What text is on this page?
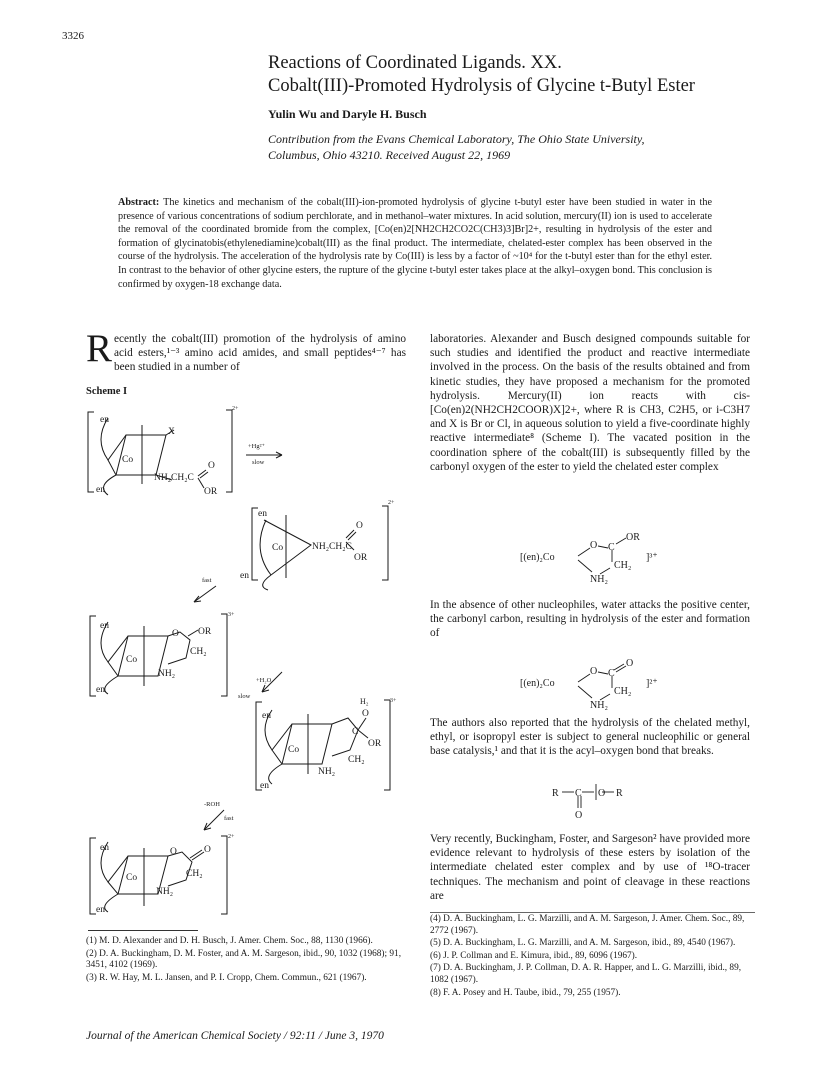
3326
Reactions of Coordinated Ligands. XX.
Cobalt(III)-Promoted Hydrolysis of Glycine t-Butyl Ester
Yulin Wu and Daryle H. Busch
Contribution from the Evans Chemical Laboratory, The Ohio State University,
Columbus, Ohio 43210. Received August 22, 1969
Abstract: The kinetics and mechanism of the cobalt(III)-ion-promoted hydrolysis of glycine t-butyl ester have been studied in water in the presence of various concentrations of sodium perchlorate, and in methanol–water mixtures. In acid solution, mercury(II) ion is used to accelerate the removal of the coordinated bromide from the complex, [Co(en)2[NH2CH2CO2C(CH3)3]Br]2+, resulting in hydrolysis of the ester and formation of glycinatobis(ethylenediamine)cobalt(III) as the final product. The intermediate, chelated-ester complex has been observed in the course of the hydrolysis. The acceleration of the hydrolysis rate by Co(III) is less by a factor of ~10⁴ for the t-butyl ester than for the ethyl ester. In contrast to the behavior of other glycine esters, the rupture of the glycine t-butyl ester takes place at the alkyl–oxygen bond. This conclusion is confirmed by oxygen-18 exchange data.

Recently the cobalt(III) promotion of the hydrolysis of amino acid esters,¹⁻³ amino acid amides, and small peptides⁴⁻⁷ has been studied in a number of

Scheme I
en
Co
X
NH₂CH₂C
O
OR
en
2+
+Hg²⁺
slow
en
Co	NH₂CH₂C
O
OR
en
2+
fast
en
Co
O OR
CH₂
NH₂
en
3+
+H₂O
slow
en
Co
H₂
O
C
OR
CH₂
NH₂
en
3+
-ROH
fast
en
Co
O	O
CH₂
NH₂
en
2+

laboratories. Alexander and Busch designed compounds suitable for such studies and identified the product and reactive intermediate involved in the process. On the basis of the results obtained and from kinetic studies, they have proposed a mechanism for the promoted hydrolysis. Mercury(II) ion reacts with cis-[Co(en)2(NH2CH2COOR)X]2+, where R is CH3, C2H5, or i-C3H7 and X is Br or Cl, in aqueous solution to yield a five-coordinate highly reactive intermediate⁸ (Scheme I). The vacated position in the coordination sphere of the cobalt(III) is subsequently filled by the carbonyl oxygen of the ester to yield the chelated ester complex

[(en)₂Co
O C
OR
CH₂
NH₂
]³⁺

In the absence of other nucleophiles, water attacks the positive center, the carbonyl carbon, resulting in hydrolysis of the ester and formation of

[(en)₂Co
O C
O
CH₂
NH₂
]²⁺

The authors also reported that the hydrolysis of the chelated methyl, ethyl, or isopropyl ester is subject to general nucleophilic or general base catalysis,¹ and that it is the acyl–oxygen bond that breaks.

R C O R
O

Very recently, Buckingham, Foster, and Sargeson² have provided more evidence relevant to hydrolysis of these esters by isolation of the intermediate chelated ester complex and by use of ¹⁸O-tracer techniques. The mechanism and point of cleavage in these reactions are

(1) M. D. Alexander and D. H. Busch, J. Amer. Chem. Soc., 88, 1130 (1966).

(2) D. A. Buckingham, D. M. Foster, and A. M. Sargeson, ibid., 90, 1032 (1968); 91, 3451, 4102 (1969).

(3) R. W. Hay, M. L. Jansen, and P. I. Cropp, Chem. Commun., 621 (1967).

(4) D. A. Buckingham, L. G. Marzilli, and A. M. Sargeson, J. Amer. Chem. Soc., 89, 2772 (1967).

(5) D. A. Buckingham, L. G. Marzilli, and A. M. Sargeson, ibid., 89, 4540 (1967).

(6) J. P. Collman and E. Kimura, ibid., 89, 6096 (1967).

(7) D. A. Buckingham, J. P. Collman, D. A. R. Happer, and L. G. Marzilli, ibid., 89, 1082 (1967).

(8) F. A. Posey and H. Taube, ibid., 79, 255 (1957).

Journal of the American Chemical Society / 92:11 / June 3, 1970
